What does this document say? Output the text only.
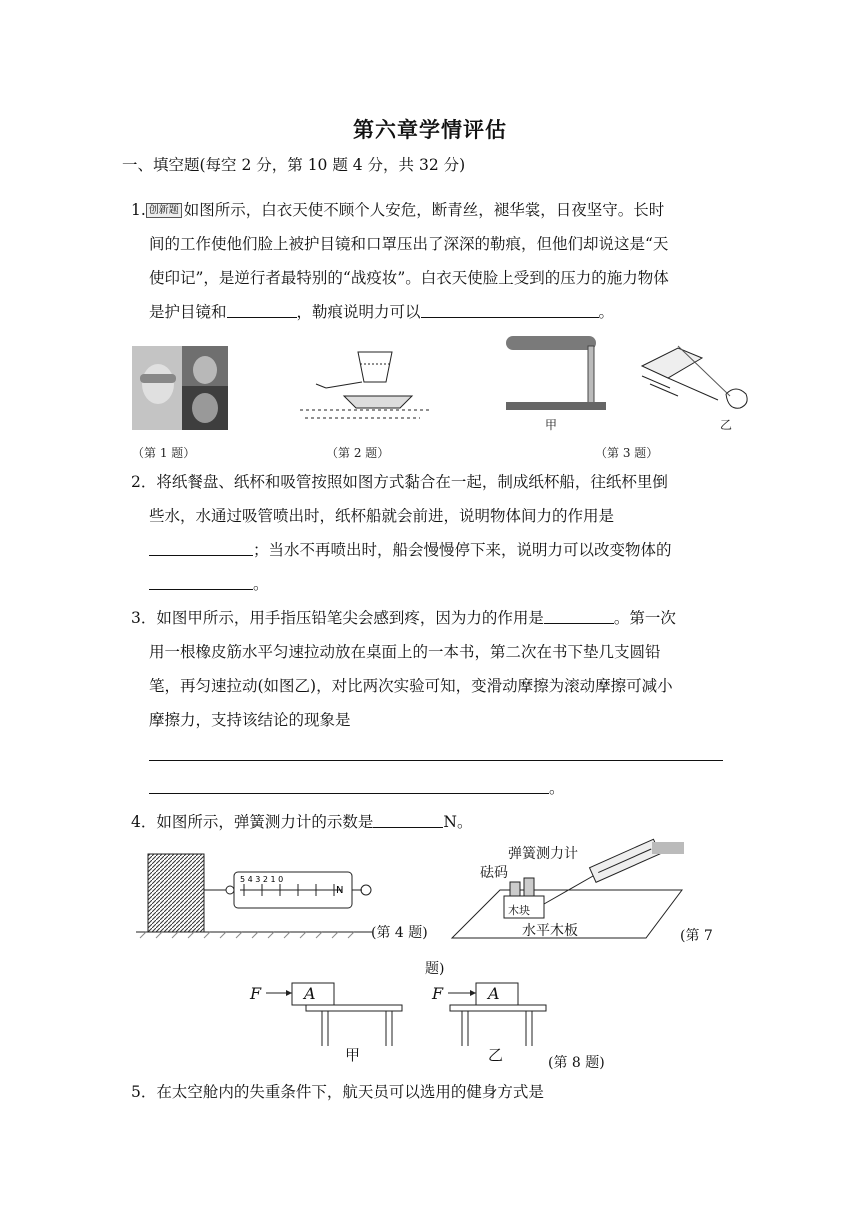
第六章学情评估
一、填空题(每空 2 分，第 10 题 4 分，共 32 分)
1. 创新题 如图所示，白衣天使不顾个人安危，断青丝，褪华裳，日夜坚守。长时
间的工作使他们脸上被护目镜和口罩压出了深深的勒痕，但他们却说这是“天
使印记”，是逆行者最特别的“战疫妆”。白衣天使脸上受到的压力的施力物体
是护目镜和	，勒痕说明力可以	。
（第 1 题）	（第 2 题）
甲	乙
（第 3 题）
2．将纸餐盘、纸杯和吸管按照如图方式黏合在一起，制成纸杯船，往纸杯里倒
些水，水通过吸管喷出时，纸杯船就会前进，说明物体间力的作用是
；当水不再喷出时，船会慢慢停下来，说明力可以改变物体的
。
3．如图甲所示，用手指压铅笔尖会感到疼，因为力的作用是	。第一次
用一根橡皮筋水平匀速拉动放在桌面上的一本书，第二次在书下垫几支圆铅
笔，再匀速拉动(如图乙)，对比两次实验可知，变滑动摩擦为滚动摩擦可减小
摩擦力，支持该结论的现象是
。
4．如图所示，弹簧测力计的示数是	N。
5 4 3 2 1 0
N
(第 4 题)
弹簧测力计
砝码
木块
水平木板	(第 7
题)
F	A	F	A
甲	乙	(第 8 题)
5．在太空舱内的失重条件下，航天员可以选用的健身方式是
